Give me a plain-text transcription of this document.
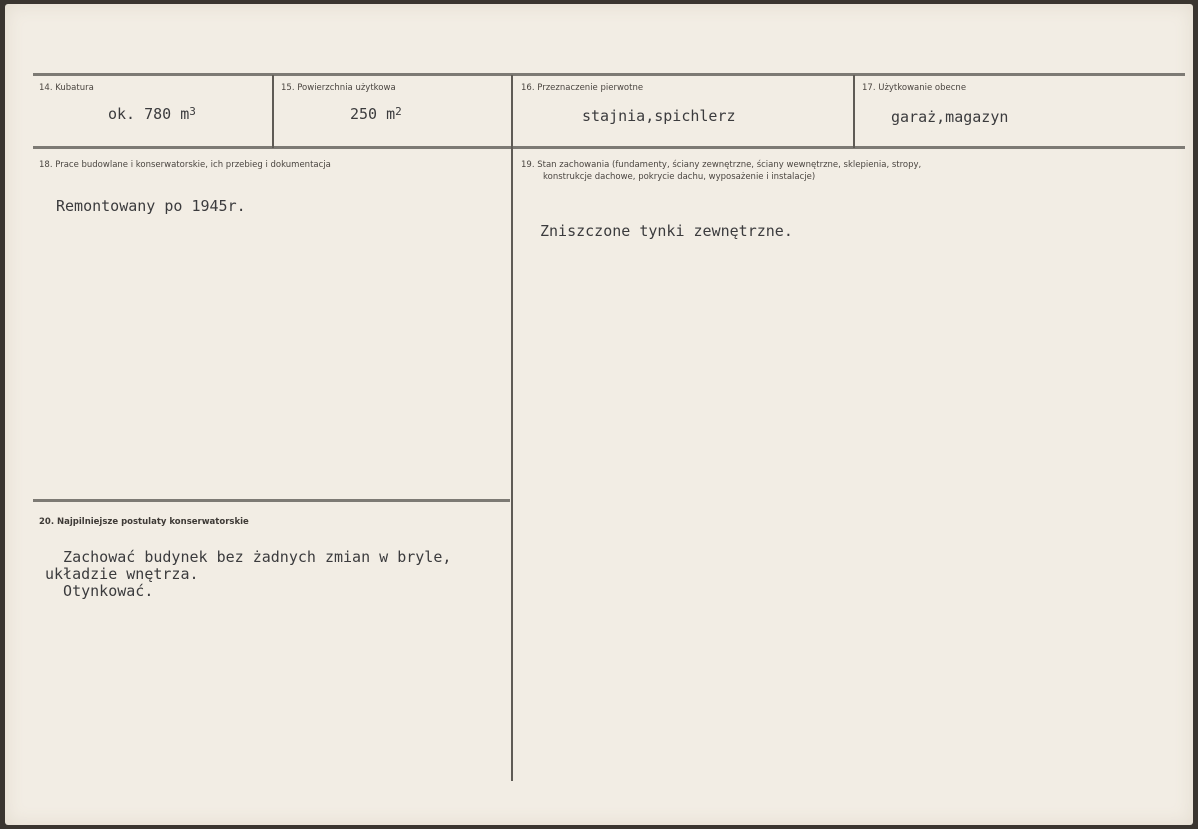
14. Kubatura
ok. 780 $m^3$
15. Powierzchnia użytkowa
250 $m^2$
16. Przeznaczenie pierwotne
stajnia,spichlerz
17. Użytkowanie obecne
garaż,magazyn
18. Prace budowlane i konserwatorskie, ich przebieg i dokumentacja
Remontowany po 1945r.
19. Stan zachowania (fundamenty, ściany zewnętrzne, ściany wewnętrzne, sklepienia, stropy,
konstrukcje dachowe, pokrycie dachu, wyposażenie i instalacje)
Zniszczone tynki zewnętrzne.
20. Najpilniejsze postulaty konserwatorskie
Zachować budynek bez żadnych zmian w bryle,
układzie wnętrza.
Otynkować.
